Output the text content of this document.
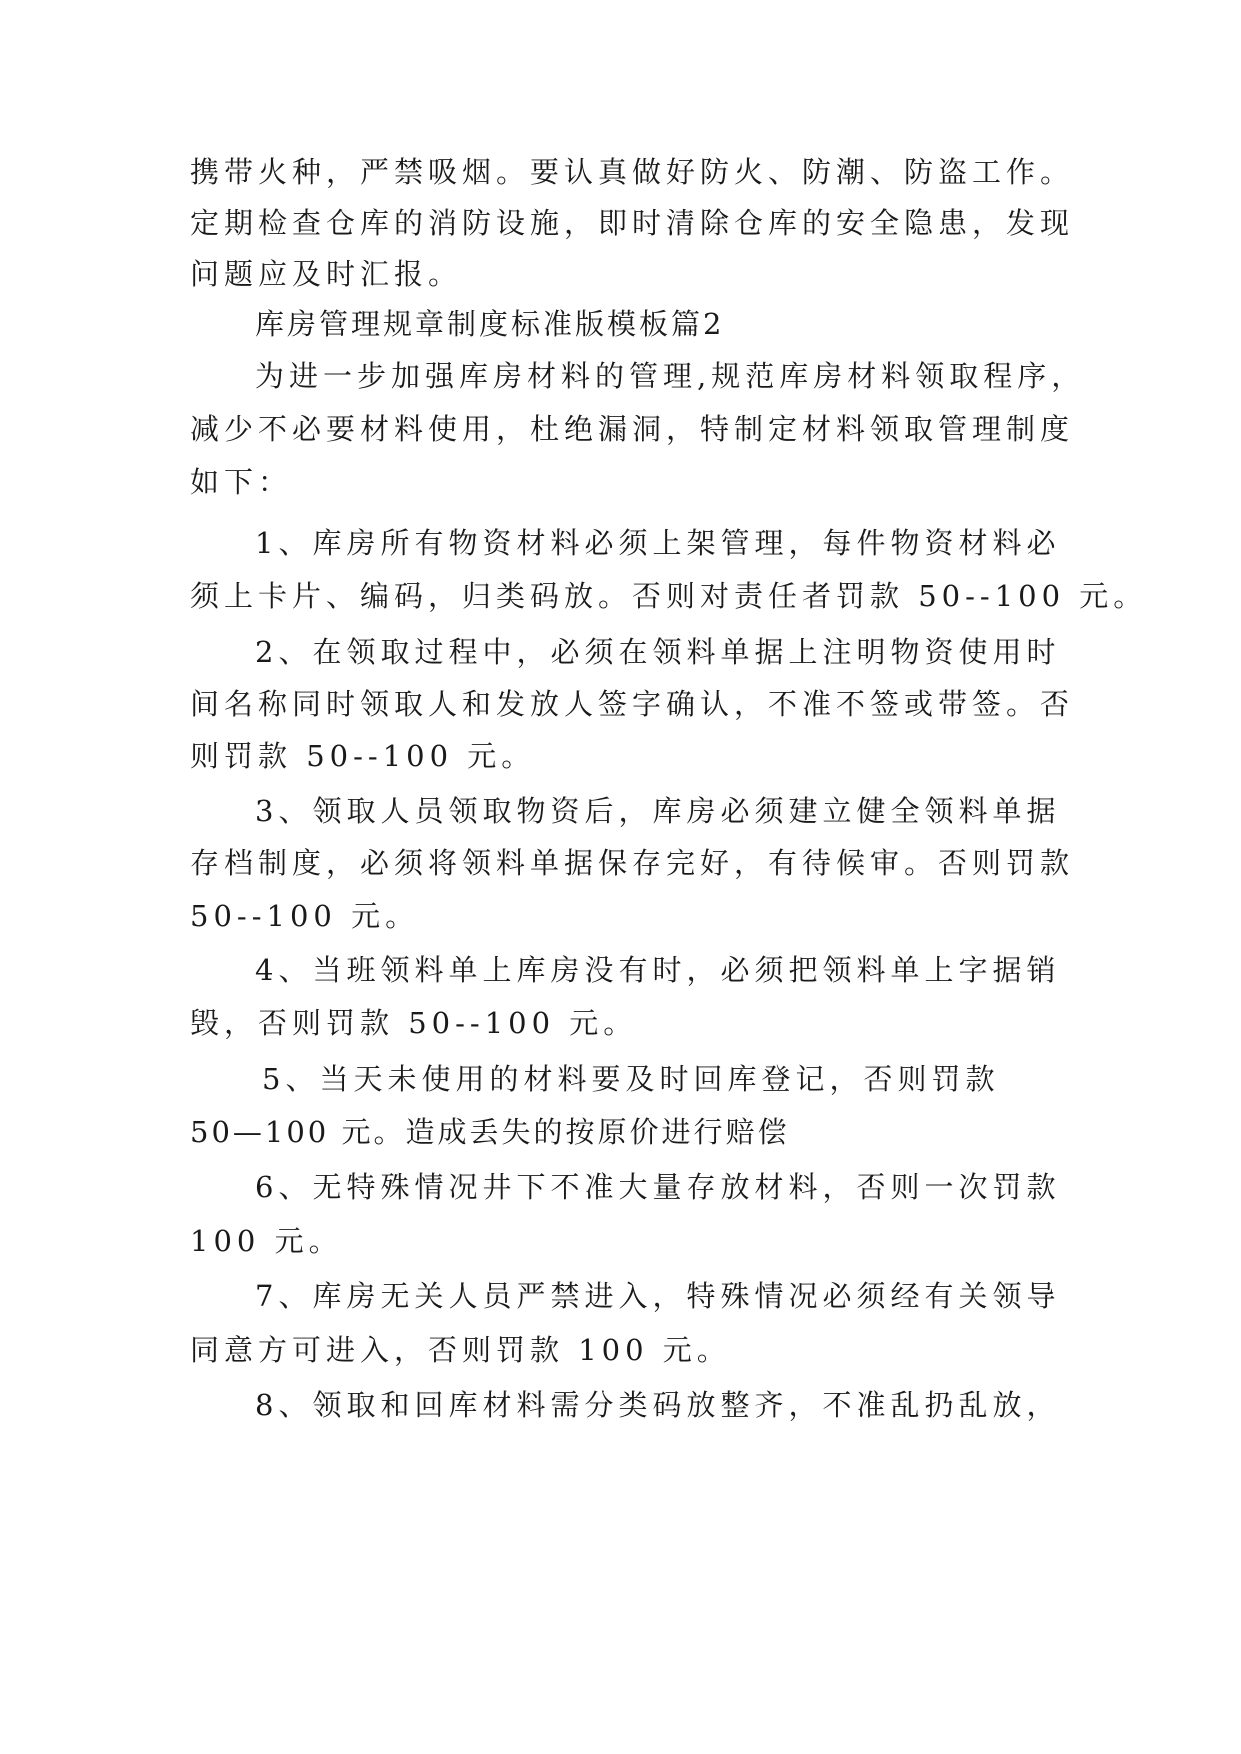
携带火种，严禁吸烟。要认真做好防火、防潮、防盗工作。
定期检查仓库的消防设施，即时清除仓库的安全隐患，发现
问题应及时汇报。
库房管理规章制度标准版模板篇2
为进一步加强库房材料的管理,规范库房材料领取程序，
减少不必要材料使用，杜绝漏洞，特制定材料领取管理制度
如下：
1、库房所有物资材料必须上架管理，每件物资材料必
须上卡片、编码，归类码放。否则对责任者罚款 50--100 元。
2、在领取过程中，必须在领料单据上注明物资使用时
间名称同时领取人和发放人签字确认，不准不签或带签。否
则罚款 50--100 元。
3、领取人员领取物资后，库房必须建立健全领料单据
存档制度，必须将领料单据保存完好，有待候审。否则罚款
50--100 元。
4、当班领料单上库房没有时，必须把领料单上字据销
毁，否则罚款 50--100 元。
5、当天未使用的材料要及时回库登记，否则罚款
50—100 元。造成丢失的按原价进行赔偿
6、无特殊情况井下不准大量存放材料，否则一次罚款
100 元。
7、库房无关人员严禁进入，特殊情况必须经有关领导
同意方可进入，否则罚款 100 元。
8、领取和回库材料需分类码放整齐，不准乱扔乱放，
